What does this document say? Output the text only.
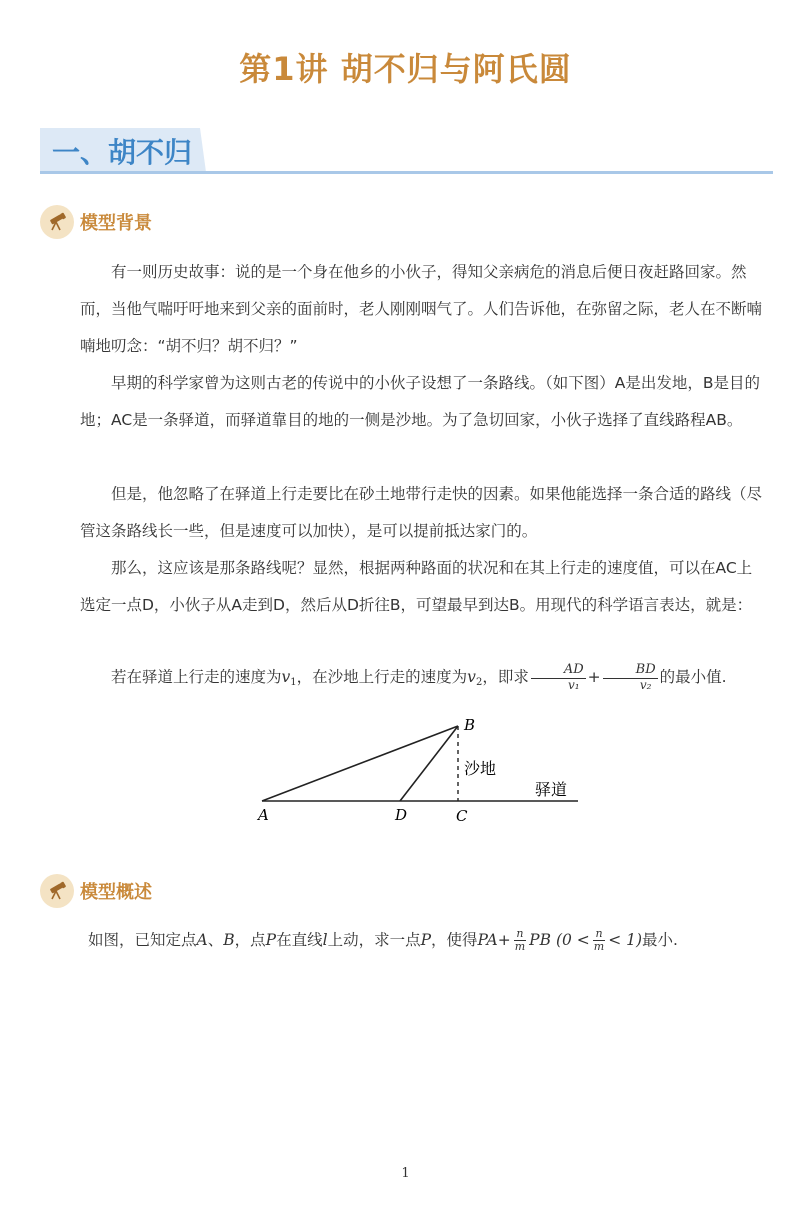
第1讲 胡不归与阿氏圆
一、胡不归
模型背景
有一则历史故事：说的是一个身在他乡的小伙子，得知父亲病危的消息后便日夜赶路回家。然而，当他气喘吁吁地来到父亲的面前时，老人刚刚咽气了。人们告诉他，在弥留之际，老人在不断喃喃地叨念：“胡不归？胡不归？”
早期的科学家曾为这则古老的传说中的小伙子设想了一条路线。（如下图）A是出发地，B是目的地；AC是一条驿道，而驿道靠目的地的一侧是沙地。为了急切回家，小伙子选择了直线路程AB。
但是，他忽略了在驿道上行走要比在砂土地带行走快的因素。如果他能选择一条合适的路线（尽管这条路线长一些，但是速度可以加快），是可以提前抵达家门的。
那么，这应该是那条路线呢？显然，根据两种路面的状况和在其上行走的速度值，可以在AC上选定一点D，小伙子从A走到D，然后从D折往B，可望最早到达B。用现代的科学语言表达，就是：
若在驿道上行走的速度为v1，在沙地上行走的速度为v2，即求 $\frac{AD}{\text{v₁}} + \frac{BD}{\text{v₂}}$ 的最小值.
A
B
C
D
沙地
驿道
模型概述
如图，已知定点A、B，点P在直线l上动，求一点P，使得$PA+ \frac{n}{m}$ PB $(0 < \frac{n}{m} < 1)$最小.
1
